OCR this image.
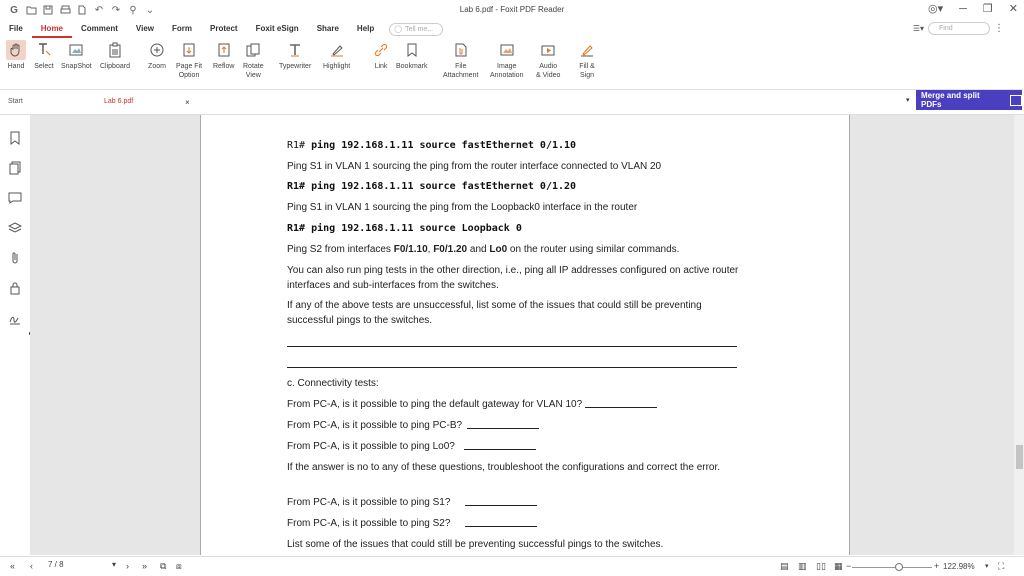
G	↶ ↷ ⚲ ⌄	Lab 6.pdf - Foxit PDF Reader	◎▾ ─ ❐ ✕
File	Home	Comment	View	Form	Protect	Foxit eSign	Share	Help	◯ Tell me...	☰▾	Find	⋮
Hand Select SnapShot Clipboard	Zoom Page Fit
Option
Reflow Rotate
View
Typewriter Highlight	Link Bookmark	File
Attachment
Image
Annotation
Audio
& Video
Fill &
Sign
Start	Lab 6.pdf	×	▾
Merge and split PDFs
R1# ping 192.168.1.11 source fastEthernet 0/1.10
Ping S1 in VLAN 1 sourcing the ping from the router interface connected to VLAN 20
R1# ping 192.168.1.11 source fastEthernet 0/1.20
Ping S1 in VLAN 1 sourcing the ping from the Loopback0 interface in the router
R1# ping 192.168.1.11 source Loopback 0
Ping S2 from interfaces F0/1.10, F0/1.20 and Lo0 on the router using similar commands.
You can also run ping tests in the other direction, i.e., ping all IP addresses configured on active router interfaces and sub-interfaces from the switches.
If any of the above tests are unsuccessful, list some of the issues that could still be preventing successful pings to the switches.
c. Connectivity tests:
From PC-A, is it possible to ping the default gateway for VLAN 10?
From PC-A, is it possible to ping PC-B?
From PC-A, is it possible to ping Lo0?
If the answer is no to any of these questions, troubleshoot the configurations and correct the error.
From PC-A, is it possible to ping S1?
From PC-A, is it possible to ping S2?
List some of the issues that could still be preventing successful pings to the switches.
« ‹ 7 / 8	▾ › » ⧉ ⧈	▤ ▥ ▯▯ ▦ −	+ 122.98% ▾ ⛶
